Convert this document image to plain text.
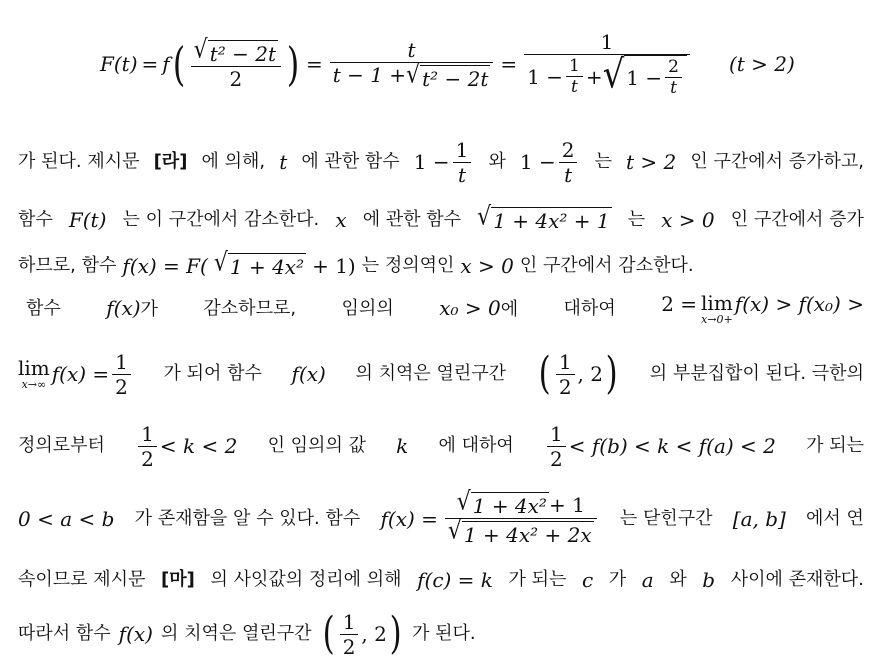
F(t) = f ( $\frac{\text{√ t² − 2t}}{2}$ ) = $\frac{t}{\text{t − 1 + √ t² − 2t}} = \frac{1}{1 - \frac{1}{t} + √ 1 - \frac{2}{t}} (t > 2)$
가 된다. 제시문 [라] 에 의해, t 에 관한 함수 $1 - \frac{1}{t}$ 와 $1 - \frac{2}{t}$ 는 t > 2 인 구간에서 증가하고,
함수 F(t) 는 이 구간에서 감소한다. x 에 관한 함수 √ 1 + 4x² + 1 는 x > 0 인 구간에서 증가
하므로, 함수 f(x) = F( √ 1 + 4x² + 1) 는 정의역인 x > 0 인 구간에서 감소한다.
함수 f(x)가	감소하므로,	임의의 x₀ > 0에	대하여 2 = lim
x→0+
f(x) > f(x₀) >
lim
x→∞ $f(x) = \frac{1}{2}$ 가 되어 함수 f(x) 의 치역은 열린구간 ( $\frac{1}{2}$ , 2 ) 의 부분집합이 된다. 극한의
정의로부터 $\frac{1}{2} < k < 2$ 인 임의의 값 k 에 대하여 $\frac{1}{2} < f(b) < k < f(a) < 2$ 가 되는
0 < a < b 가 존재함을 알 수 있다. 함수 $f(x) = \frac{\text{√ 1 + 4x² + 1}}{\text{√ 1 + 4x² + 2x}}$ 는 닫힌구간 [a, b] 에서 연
속이므로 제시문 [마] 의 사잇값의 정리에 의해 f(c) = k 가 되는 c 가 a 와 b 사이에 존재한다.
따라서 함수 f(x) 의 치역은 열린구간 ( $\frac{1}{2}$ , 2 ) 가 된다.
